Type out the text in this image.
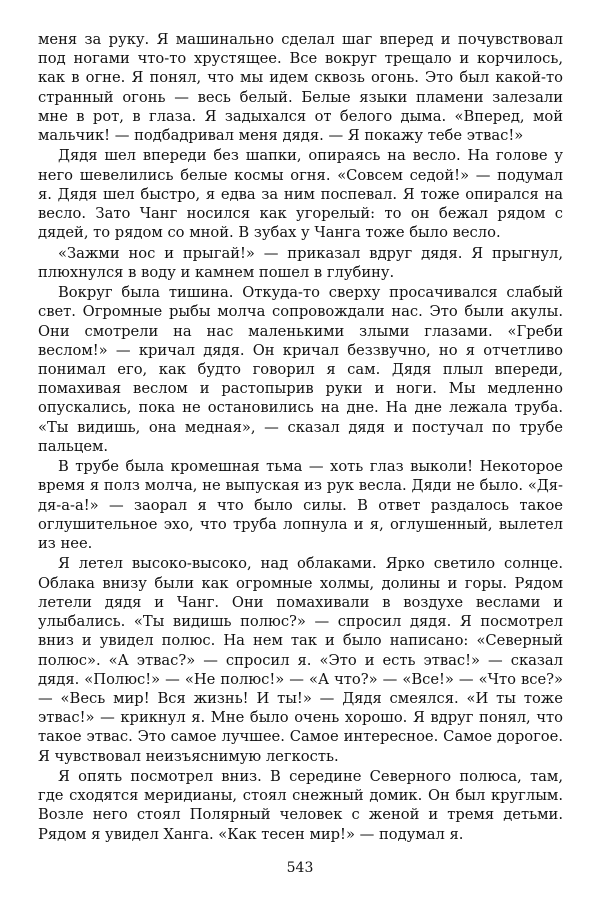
меня за руку. Я машинально сделал шаг вперед и почувствовал под ногами что-то хрустящее. Все вокруг трещало и корчилось, как в огне. Я понял, что мы идем сквозь огонь. Это был какой-то странный огонь — весь белый. Белые языки пламени залезали мне в рот, в глаза. Я задыхался от белого дыма. «Вперед, мой мальчик! — подбадривал меня дядя. — Я покажу тебе этвас!»

Дядя шел впереди без шапки, опираясь на весло. На голове у него шевелились белые космы огня. «Совсем седой!» — подумал я. Дядя шел быстро, я едва за ним поспевал. Я тоже опирался на весло. Зато Чанг носился как угорелый: то он бежал рядом с дядей, то рядом со мной. В зубах у Чанга тоже было весло.

«Зажми нос и прыгай!» — приказал вдруг дядя. Я прыгнул, плюхнулся в воду и камнем пошел в глубину.

Вокруг была тишина. Откуда-то сверху просачивался слабый свет. Огромные рыбы молча сопровождали нас. Это были акулы. Они смотрели на нас маленькими злыми глазами. «Греби веслом!» — кричал дядя. Он кричал беззвучно, но я отчетливо понимал его, как будто говорил я сам. Дядя плыл впереди, помахивая веслом и растопырив руки и ноги. Мы медленно опускались, пока не остановились на дне. На дне лежала труба. «Ты видишь, она медная», — сказал дядя и постучал по трубе пальцем.

В трубе была кромешная тьма — хоть глаз выколи! Некоторое время я полз молча, не выпуская из рук весла. Дяди не было. «Дя-дя-а-а!» — заорал я что было силы. В ответ раздалось такое оглушительное эхо, что труба лопнула и я, оглушенный, вылетел из нее.

Я летел высоко-высоко, над облаками. Ярко светило солнце. Облака внизу были как огромные холмы, долины и горы. Рядом летели дядя и Чанг. Они помахивали в воздухе веслами и улыбались. «Ты видишь полюс?» — спросил дядя. Я посмотрел вниз и увидел полюс. На нем так и было написано: «Северный полюс». «А этвас?» — спросил я. «Это и есть этвас!» — сказал дядя. «Полюс!» — «Не полюс!» — «А что?» — «Все!» — «Что все?» — «Весь мир! Вся жизнь! И ты!» — Дядя смеялся. «И ты тоже этвас!» — крикнул я. Мне было очень хорошо. Я вдруг понял, что такое этвас. Это самое лучшее. Самое интересное. Самое дорогое. Я чувствовал неизъяснимую легкость.

Я опять посмотрел вниз. В середине Северного полюса, там, где сходятся меридианы, стоял снежный домик. Он был круглым. Возле него стоял Полярный человек с женой и тремя детьми. Рядом я увидел Ханга. «Как тесен мир!» — подумал я.

543
